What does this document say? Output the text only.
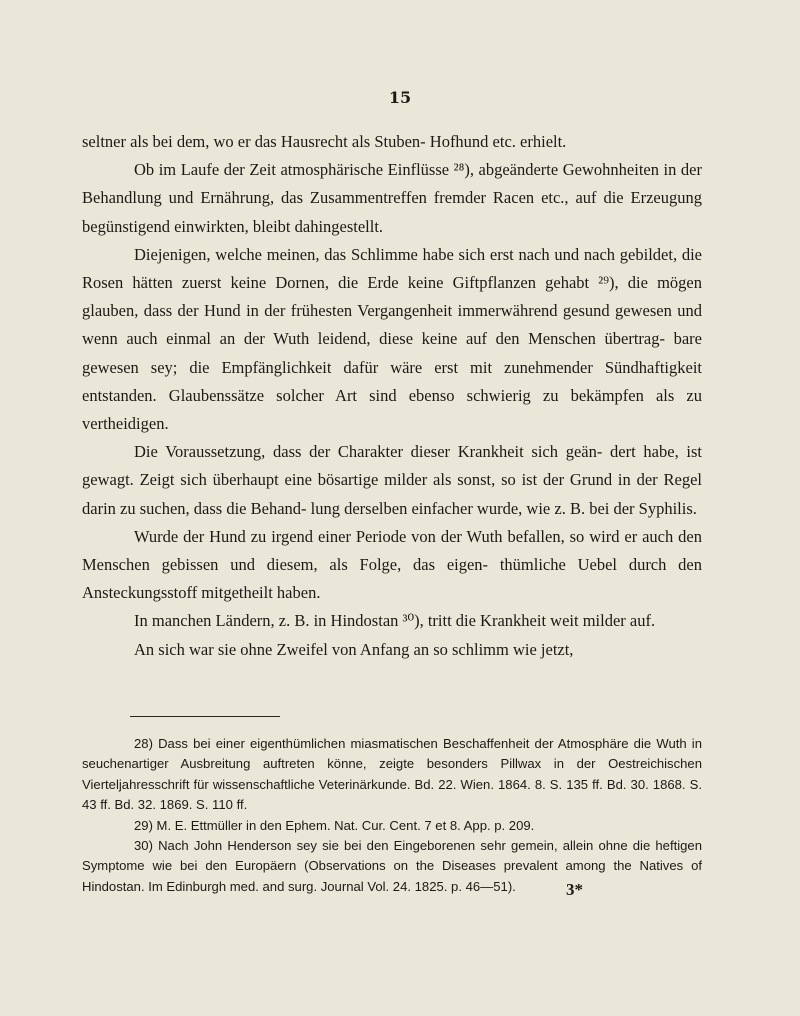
15

seltner als bei dem, wo er das Hausrecht als Stuben- Hofhund etc. erhielt.

Ob im Laufe der Zeit atmosphärische Einflüsse ²⁸), abgeänderte Gewohnheiten in der Behandlung und Ernährung, das Zusammentreffen fremder Racen etc., auf die Erzeugung begünstigend einwirkten, bleibt dahingestellt.

Diejenigen, welche meinen, das Schlimme habe sich erst nach und nach gebildet, die Rosen hätten zuerst keine Dornen, die Erde keine Giftpflanzen gehabt ²⁹), die mögen glauben, dass der Hund in der frühesten Vergangenheit immerwährend gesund gewesen und wenn auch einmal an der Wuth leidend, diese keine auf den Menschen übertrag- bare gewesen sey; die Empfänglichkeit dafür wäre erst mit zunehmender Sündhaftigkeit entstanden. Glaubenssätze solcher Art sind ebenso schwierig zu bekämpfen als zu vertheidigen.

Die Voraussetzung, dass der Charakter dieser Krankheit sich geän- dert habe, ist gewagt. Zeigt sich überhaupt eine bösartige milder als sonst, so ist der Grund in der Regel darin zu suchen, dass die Behand- lung derselben einfacher wurde, wie z. B. bei der Syphilis.

Wurde der Hund zu irgend einer Periode von der Wuth befallen, so wird er auch den Menschen gebissen und diesem, als Folge, das eigen- thümliche Uebel durch den Ansteckungsstoff mitgetheilt haben.

In manchen Ländern, z. B. in Hindostan ³⁰), tritt die Krankheit weit milder auf.

An sich war sie ohne Zweifel von Anfang an so schlimm wie jetzt,

28) Dass bei einer eigenthümlichen miasmatischen Beschaffenheit der Atmosphäre die Wuth in seuchenartiger Ausbreitung auftreten könne, zeigte besonders Pillwax in der Oestreichischen Vierteljahresschrift für wissenschaftliche Veterinärkunde. Bd. 22. Wien. 1864. 8. S. 135 ff. Bd. 30. 1868. S. 43 ff. Bd. 32. 1869. S. 110 ff.

29) M. E. Ettmüller in den Ephem. Nat. Cur. Cent. 7 et 8. App. p. 209.

30) Nach John Henderson sey sie bei den Eingeborenen sehr gemein, allein ohne die heftigen Symptome wie bei den Europäern (Observations on the Diseases prevalent among the Natives of Hindostan. Im Edinburgh med. and surg. Journal Vol. 24. 1825. p. 46—51).	3*
